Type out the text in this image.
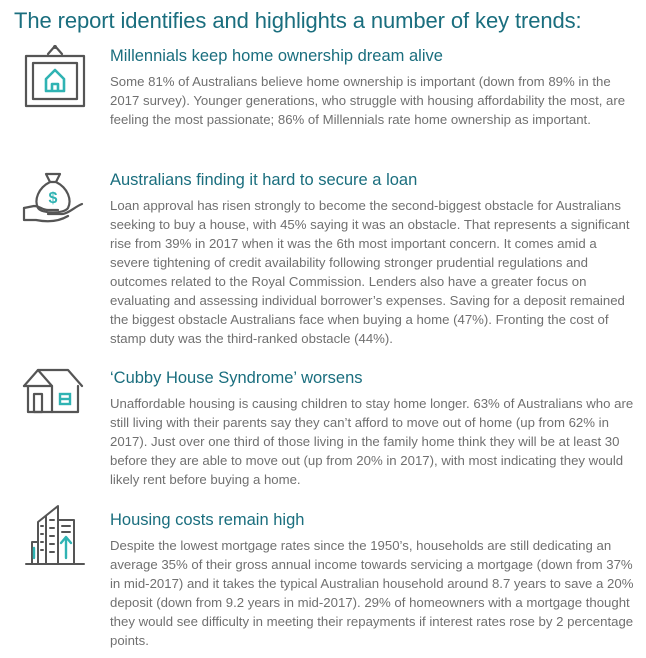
The report identifies and highlights a number of key trends:
Millennials keep home ownership dream alive
Some 81% of Australians believe home ownership is important (down from 89% in the 2017 survey). Younger generations, who struggle with housing affordability the most, are feeling the most passionate; 86% of Millennials rate home ownership as important.
$
Australians finding it hard to secure a loan
Loan approval has risen strongly to become the second-biggest obstacle for Australians seeking to buy a house, with 45% saying it was an obstacle. That represents a significant rise from 39% in 2017 when it was the 6th most important concern. It comes amid a severe tightening of credit availability following stronger prudential regulations and outcomes related to the Royal Commission. Lenders also have a greater focus on evaluating and assessing individual borrower’s expenses. Saving for a deposit remained the biggest obstacle Australians face when buying a home (47%). Fronting the cost of stamp duty was the third-ranked obstacle (44%).
‘Cubby House Syndrome’ worsens
Unaffordable housing is causing children to stay home longer. 63% of Australians who are still living with their parents say they can’t afford to move out of home (up from 62% in 2017). Just over one third of those living in the family home think they will be at least 30 before they are able to move out (up from 20% in 2017), with most indicating they would likely rent before buying a home.
Housing costs remain high
Despite the lowest mortgage rates since the 1950’s, households are still dedicating an average 35% of their gross annual income towards servicing a mortgage (down from 37% in mid-2017) and it takes the typical Australian household around 8.7 years to save a 20% deposit (down from 9.2 years in mid-2017). 29% of homeowners with a mortgage thought they would see difficulty in meeting their repayments if interest rates rose by 2 percentage points.
